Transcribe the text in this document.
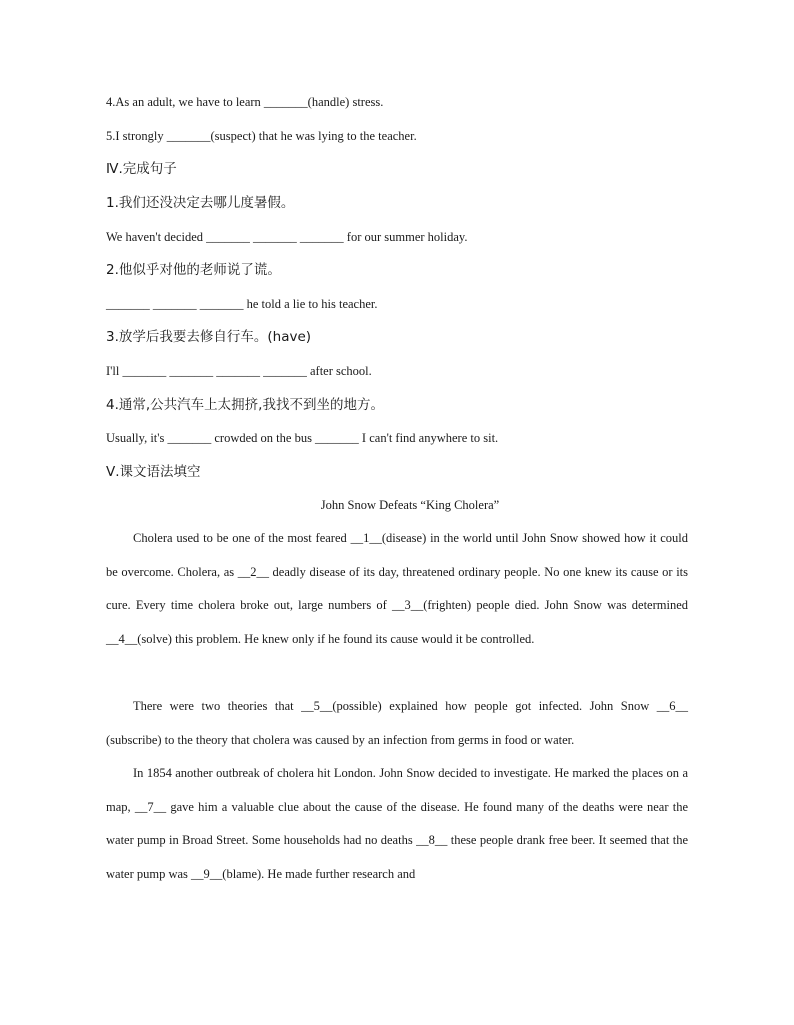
4.As an adult, we have to learn _______(handle) stress.
5.I strongly _______(suspect) that he was lying to the teacher.
Ⅳ.完成句子
1.我们还没决定去哪儿度暑假。
We haven't decided _______ _______ _______ for our summer holiday.
2.他似乎对他的老师说了谎。
_______ _______ _______ he told a lie to his teacher.
3.放学后我要去修自行车。(have)
I'll _______ _______ _______ _______ after school.
4.通常,公共汽车上太拥挤,我找不到坐的地方。
Usually, it's _______ crowded on the bus _______ I can't find anywhere to sit.
Ⅴ.课文语法填空
John Snow Defeats “King Cholera”
Cholera used to be one of the most feared __1__(disease) in the world until John Snow showed how it could be overcome. Cholera, as __2__ deadly disease of its day, threatened ordinary people. No one knew its cause or its cure. Every time cholera broke out, large numbers of __3__(frighten) people died. John Snow was determined __4__(solve) this problem. He knew only if he found its cause would it be controlled.
There were two theories that __5__(possible) explained how people got infected. John Snow __6__ (subscribe) to the theory that cholera was caused by an infection from germs in food or water.
In 1854 another outbreak of cholera hit London. John Snow decided to investigate. He marked the places on a map, __7__ gave him a valuable clue about the cause of the disease. He found many of the deaths were near the water pump in Broad Street. Some households had no deaths __8__ these people drank free beer. It seemed that the water pump was __9__(blame). He made further research and
